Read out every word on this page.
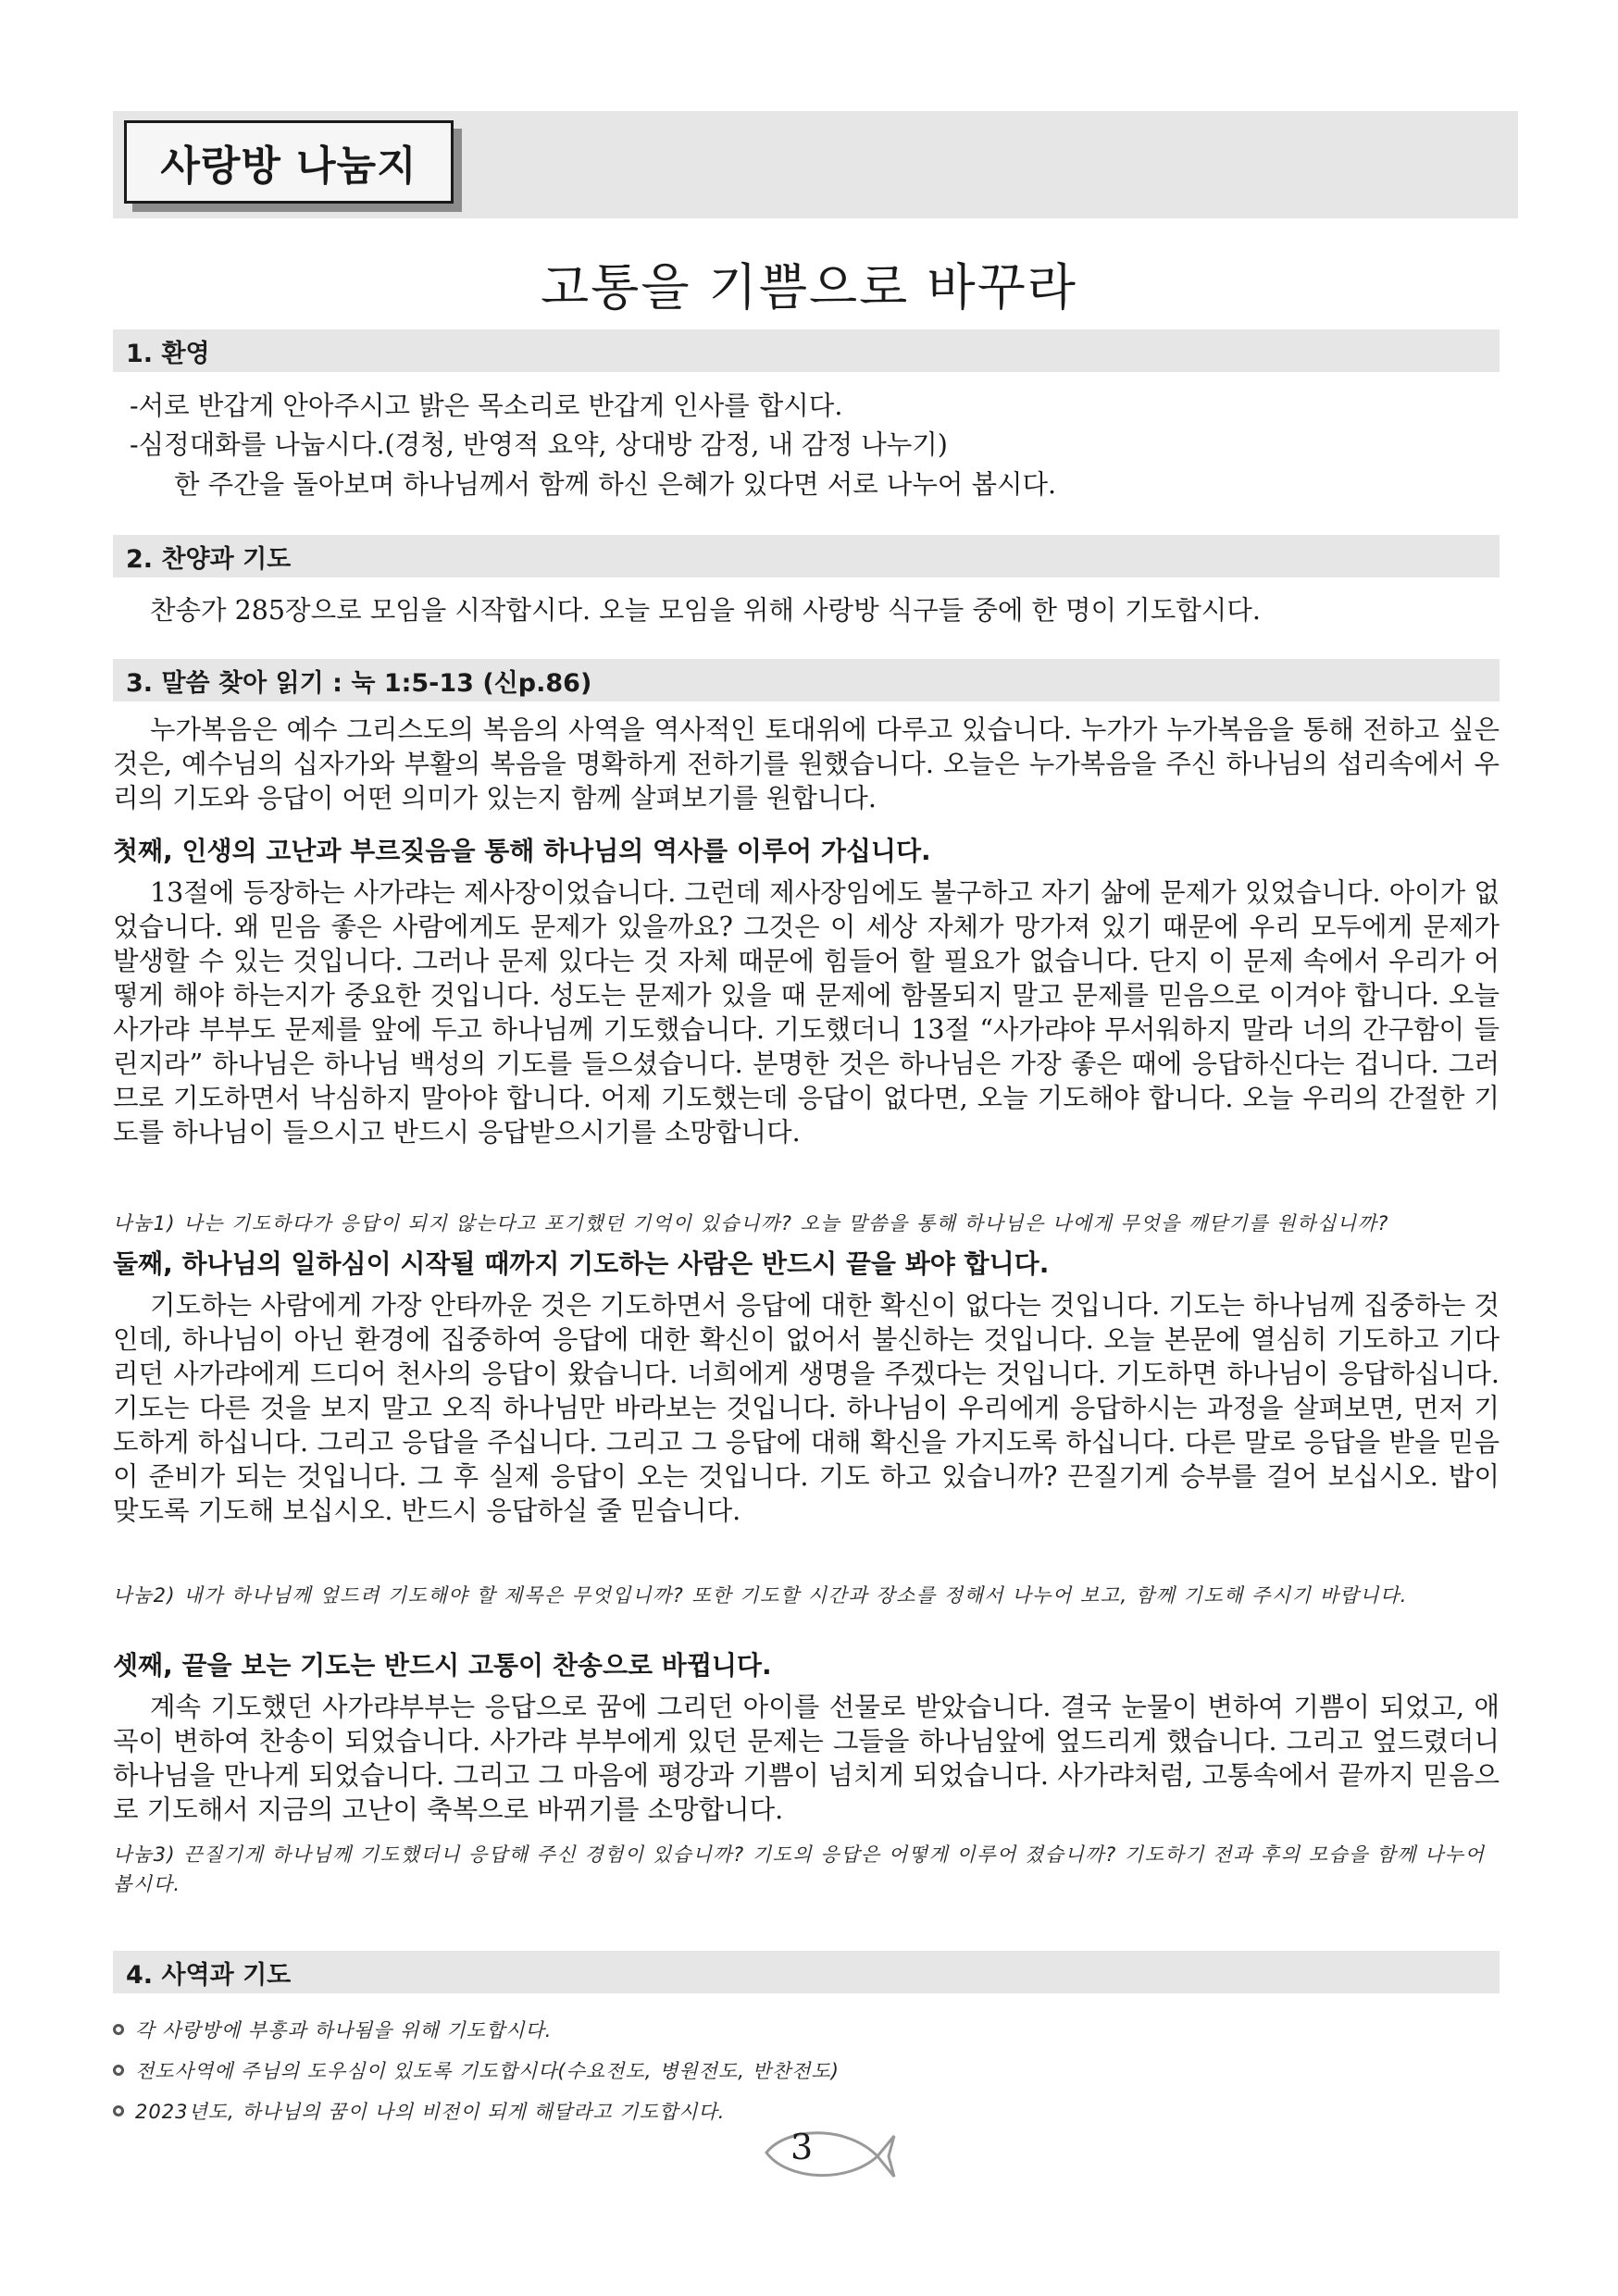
사랑방 나눔지
고통을 기쁨으로 바꾸라
1. 환영
-서로 반갑게 안아주시고 밝은 목소리로 반갑게 인사를 합시다.
-심정대화를 나눕시다.(경청, 반영적 요약, 상대방 감정, 내 감정 나누기)
한 주간을 돌아보며 하나님께서 함께 하신 은혜가 있다면 서로 나누어 봅시다.
2. 찬양과 기도
찬송가 285장으로 모임을 시작합시다. 오늘 모임을 위해 사랑방 식구들 중에 한 명이 기도합시다.
3. 말씀 찾아 읽기 : 눅 1:5-13 (신p.86)
누가복음은 예수 그리스도의 복음의 사역을 역사적인 토대위에 다루고 있습니다. 누가가 누가복음을 통해 전하고 싶은 것은, 예수님의 십자가와 부활의 복음을 명확하게 전하기를 원했습니다. 오늘은 누가복음을 주신 하나님의 섭리속에서 우리의 기도와 응답이 어떤 의미가 있는지 함께 살펴보기를 원합니다.
첫째, 인생의 고난과 부르짖음을 통해 하나님의 역사를 이루어 가십니다.
13절에 등장하는 사가랴는 제사장이었습니다. 그런데 제사장임에도 불구하고 자기 삶에 문제가 있었습니다. 아이가 없었습니다. 왜 믿음 좋은 사람에게도 문제가 있을까요? 그것은 이 세상 자체가 망가져 있기 때문에 우리 모두에게 문제가 발생할 수 있는 것입니다. 그러나 문제 있다는 것 자체 때문에 힘들어 할 필요가 없습니다. 단지 이 문제 속에서 우리가 어떻게 해야 하는지가 중요한 것입니다. 성도는 문제가 있을 때 문제에 함몰되지 말고 문제를 믿음으로 이겨야 합니다. 오늘 사가랴 부부도 문제를 앞에 두고 하나님께 기도했습니다. 기도했더니 13절 “사가랴야 무서워하지 말라 너의 간구함이 들린지라” 하나님은 하나님 백성의 기도를 들으셨습니다. 분명한 것은 하나님은 가장 좋은 때에 응답하신다는 겁니다. 그러므로 기도하면서 낙심하지 말아야 합니다. 어제 기도했는데 응답이 없다면, 오늘 기도해야 합니다. 오늘 우리의 간절한 기도를 하나님이 들으시고 반드시 응답받으시기를 소망합니다.
나눔1) 나는 기도하다가 응답이 되지 않는다고 포기했던 기억이 있습니까? 오늘 말씀을 통해 하나님은 나에게 무엇을 깨닫기를 원하십니까?
둘째, 하나님의 일하심이 시작될 때까지 기도하는 사람은 반드시 끝을 봐야 합니다.
기도하는 사람에게 가장 안타까운 것은 기도하면서 응답에 대한 확신이 없다는 것입니다. 기도는 하나님께 집중하는 것인데, 하나님이 아닌 환경에 집중하여 응답에 대한 확신이 없어서 불신하는 것입니다. 오늘 본문에 열심히 기도하고 기다리던 사가랴에게 드디어 천사의 응답이 왔습니다. 너희에게 생명을 주겠다는 것입니다. 기도하면 하나님이 응답하십니다. 기도는 다른 것을 보지 말고 오직 하나님만 바라보는 것입니다. 하나님이 우리에게 응답하시는 과정을 살펴보면, 먼저 기도하게 하십니다. 그리고 응답을 주십니다. 그리고 그 응답에 대해 확신을 가지도록 하십니다. 다른 말로 응답을 받을 믿음이 준비가 되는 것입니다. 그 후 실제 응답이 오는 것입니다. 기도 하고 있습니까? 끈질기게 승부를 걸어 보십시오. 밥이 맞도록 기도해 보십시오. 반드시 응답하실 줄 믿습니다.
나눔2) 내가 하나님께 엎드려 기도해야 할 제목은 무엇입니까? 또한 기도할 시간과 장소를 정해서 나누어 보고, 함께 기도해 주시기 바랍니다.
셋째, 끝을 보는 기도는 반드시 고통이 찬송으로 바뀝니다.
계속 기도했던 사가랴부부는 응답으로 꿈에 그리던 아이를 선물로 받았습니다. 결국 눈물이 변하여 기쁨이 되었고, 애곡이 변하여 찬송이 되었습니다. 사가랴 부부에게 있던 문제는 그들을 하나님앞에 엎드리게 했습니다. 그리고 엎드렸더니 하나님을 만나게 되었습니다. 그리고 그 마음에 평강과 기쁨이 넘치게 되었습니다. 사가랴처럼, 고통속에서 끝까지 믿음으로 기도해서 지금의 고난이 축복으로 바뀌기를 소망합니다.
나눔3) 끈질기게 하나님께 기도했더니 응답해 주신 경험이 있습니까? 기도의 응답은 어떻게 이루어 졌습니까? 기도하기 전과 후의 모습을 함께 나누어 봅시다.
4. 사역과 기도
각 사랑방에 부흥과 하나됨을 위해 기도합시다.
전도사역에 주님의 도우심이 있도록 기도합시다(수요전도, 병원전도, 반찬전도)
2023년도, 하나님의 꿈이 나의 비전이 되게 해달라고 기도합시다.
3
